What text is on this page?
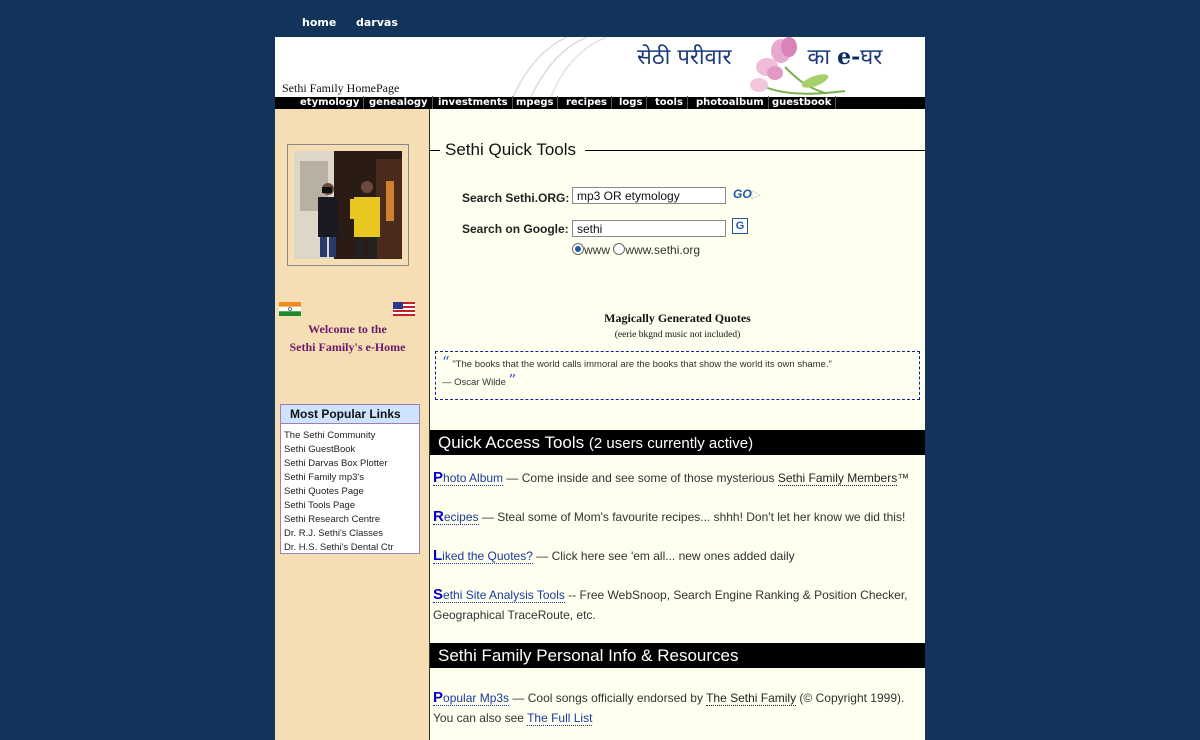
home darvas
Sethi Family HomePage
सेठी परीवार	का e-घर
etymology genealogy	investments mpegs	recipes	logs	tools	photoalbum guestbook
Welcome to the
Sethi Family's e-Home
Most Popular Links
The Sethi Community
Sethi GuestBook
Sethi Darvas Box Plotter
Sethi Family mp3's
Sethi Quotes Page
Sethi Tools Page
Sethi Research Centre
Dr. R.J. Sethi's Classes
Dr. H.S. Sethi's Dental Ctr
Sethi Quick Tools
Search Sethi.ORG: mp3 OR etymology	GO▷
Search on Google: sethi	G
www www.sethi.org
Magically Generated Quotes
(eerie bkgnd music not included)
“ "The books that the world calls immoral are the books that show the world its own shame."
— Oscar Wilde ”
Quick Access Tools (2 users currently active)
Photo Album — Come inside and see some of those mysterious Sethi Family Members™
Recipes — Steal some of Mom's favourite recipes... shhh! Don't let her know we did this!
Liked the Quotes? — Click here see 'em all... new ones added daily
Sethi Site Analysis Tools -- Free WebSnoop, Search Engine Ranking & Position Checker, Geographical TraceRoute, etc.
Sethi Family Personal Info & Resources
Popular Mp3s — Cool songs officially endorsed by The Sethi Family (© Copyright 1999). You can also see The Full List
